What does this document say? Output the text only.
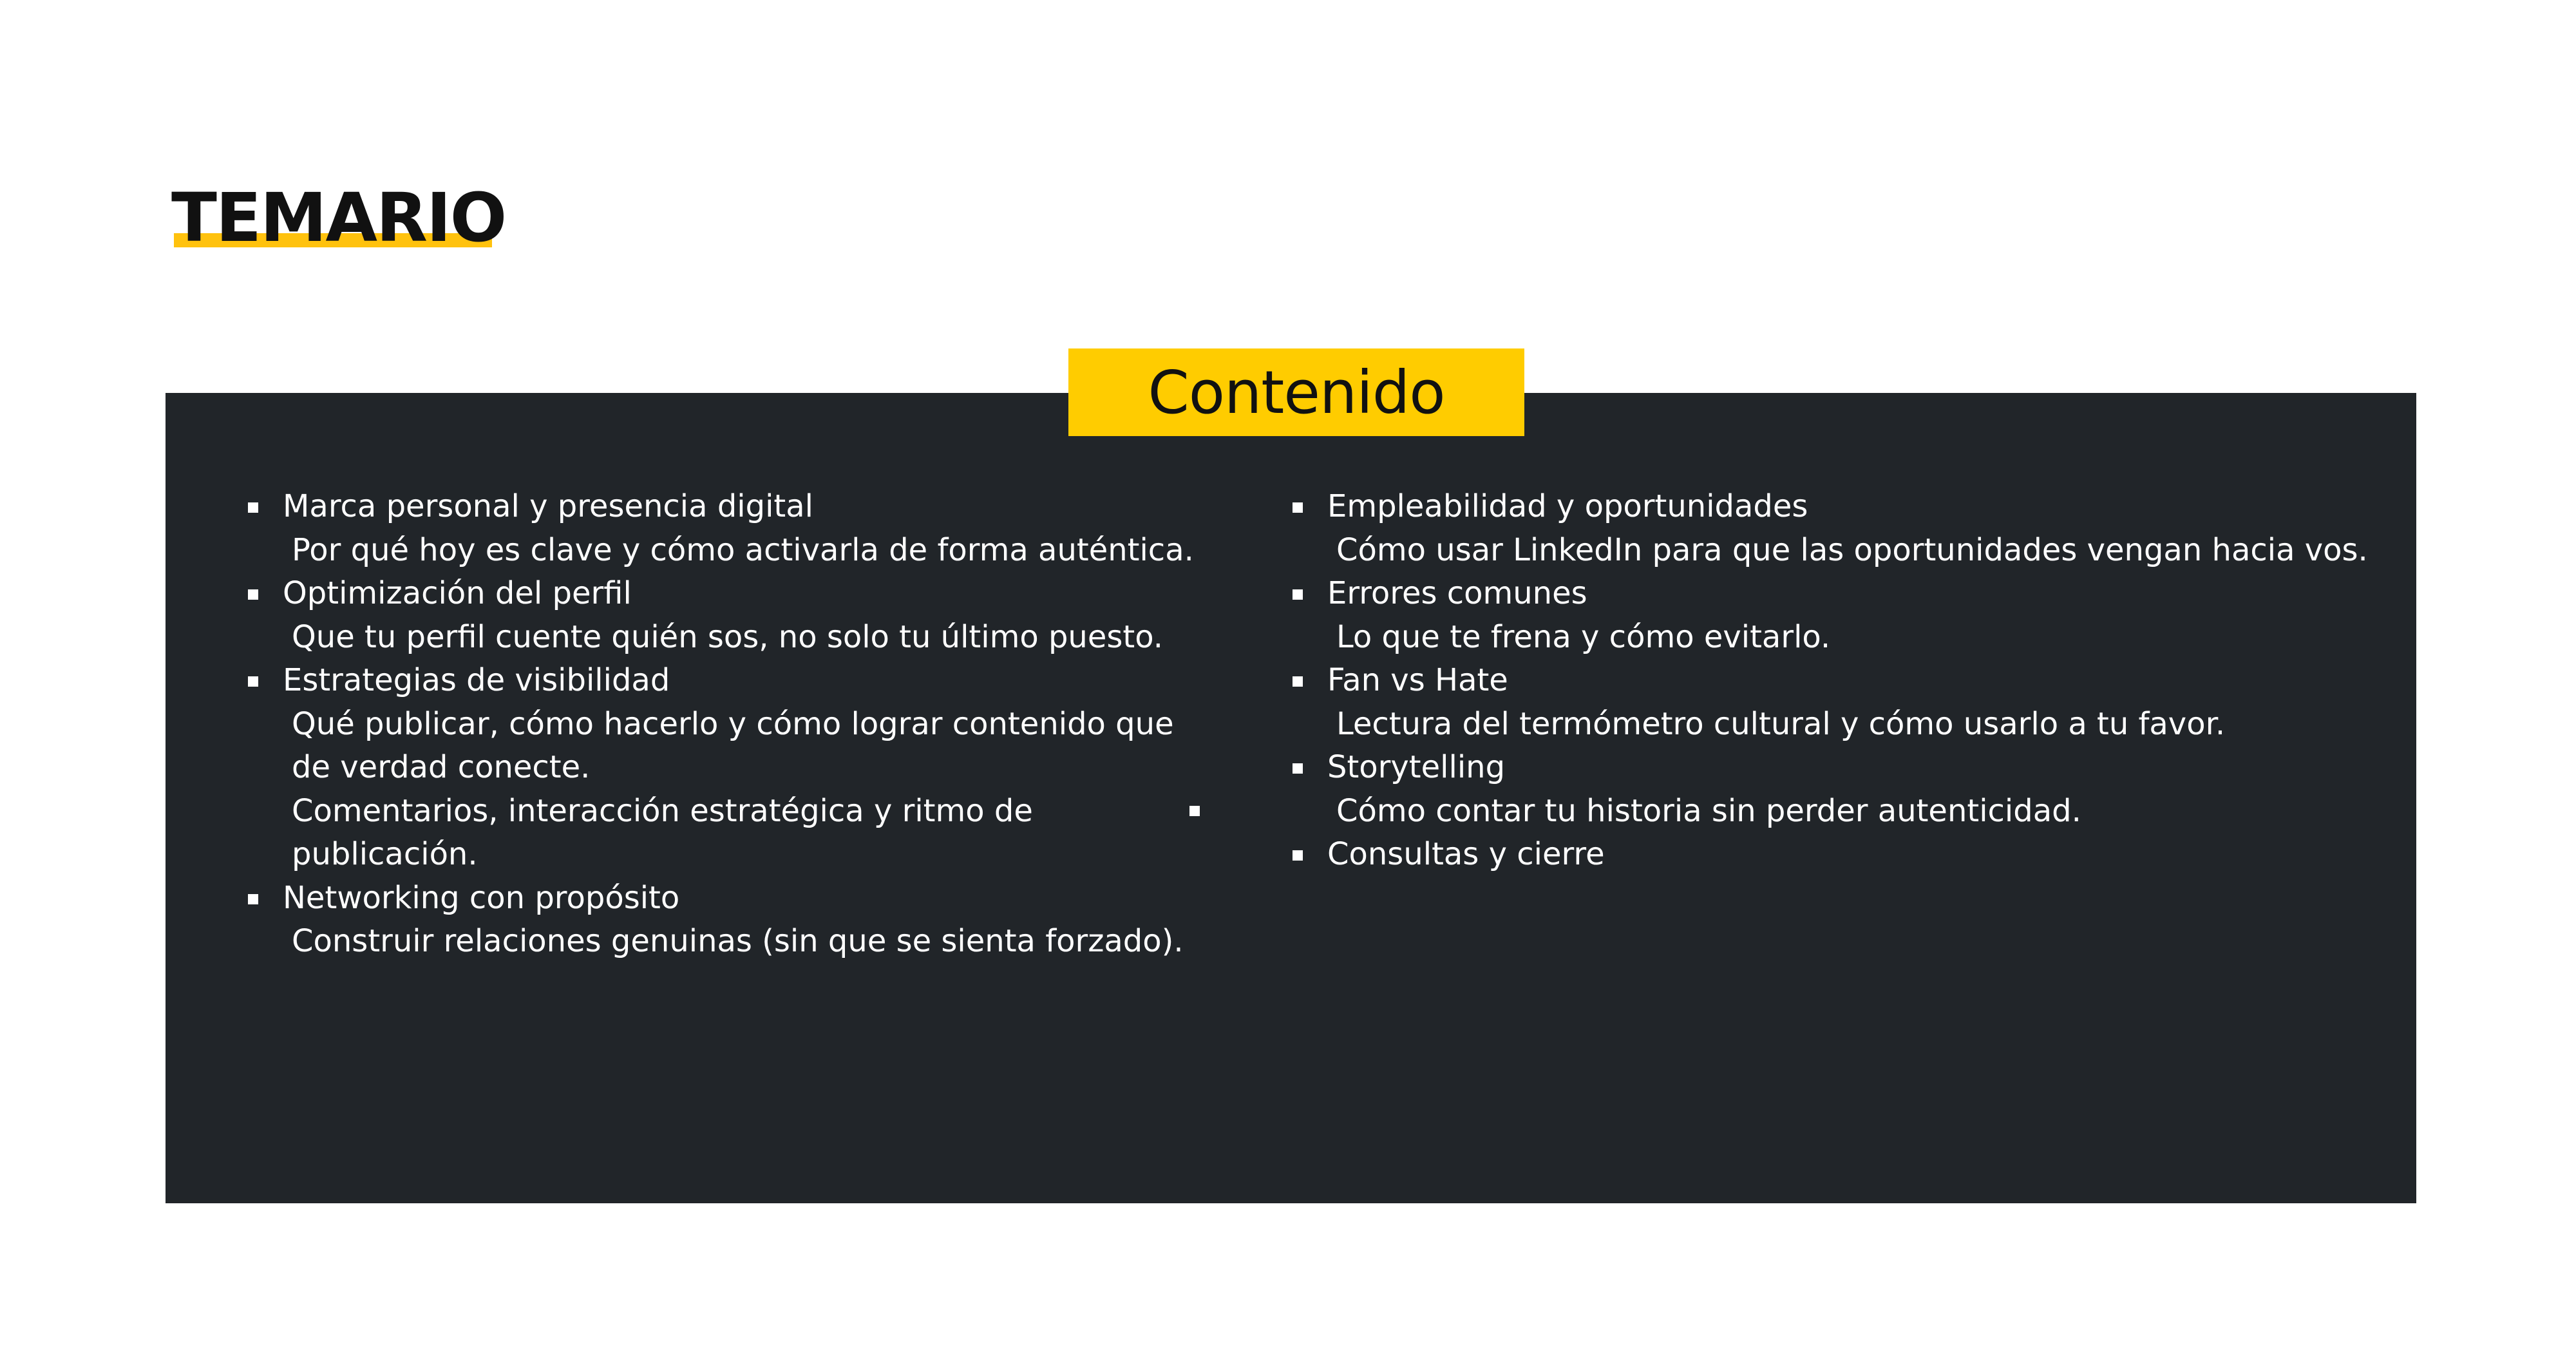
TEMARIO
Contenido
Marca personal y presencia digital
Por qué hoy es clave y cómo activarla de forma auténtica.
Optimización del perfil
Que tu perfil cuente quién sos, no solo tu último puesto.
Estrategias de visibilidad
Qué publicar, cómo hacerlo y cómo lograr contenido que
de verdad conecte.
Comentarios, interacción estratégica y ritmo de publicación.
Networking con propósito
Construir relaciones genuinas (sin que se sienta forzado).
Empleabilidad y oportunidades
Cómo usar LinkedIn para que las oportunidades vengan hacia vos.
Errores comunes
Lo que te frena y cómo evitarlo.
Fan vs Hate
Lectura del termómetro cultural y cómo usarlo a tu favor.
Storytelling
Cómo contar tu historia sin perder autenticidad.
Consultas y cierre
